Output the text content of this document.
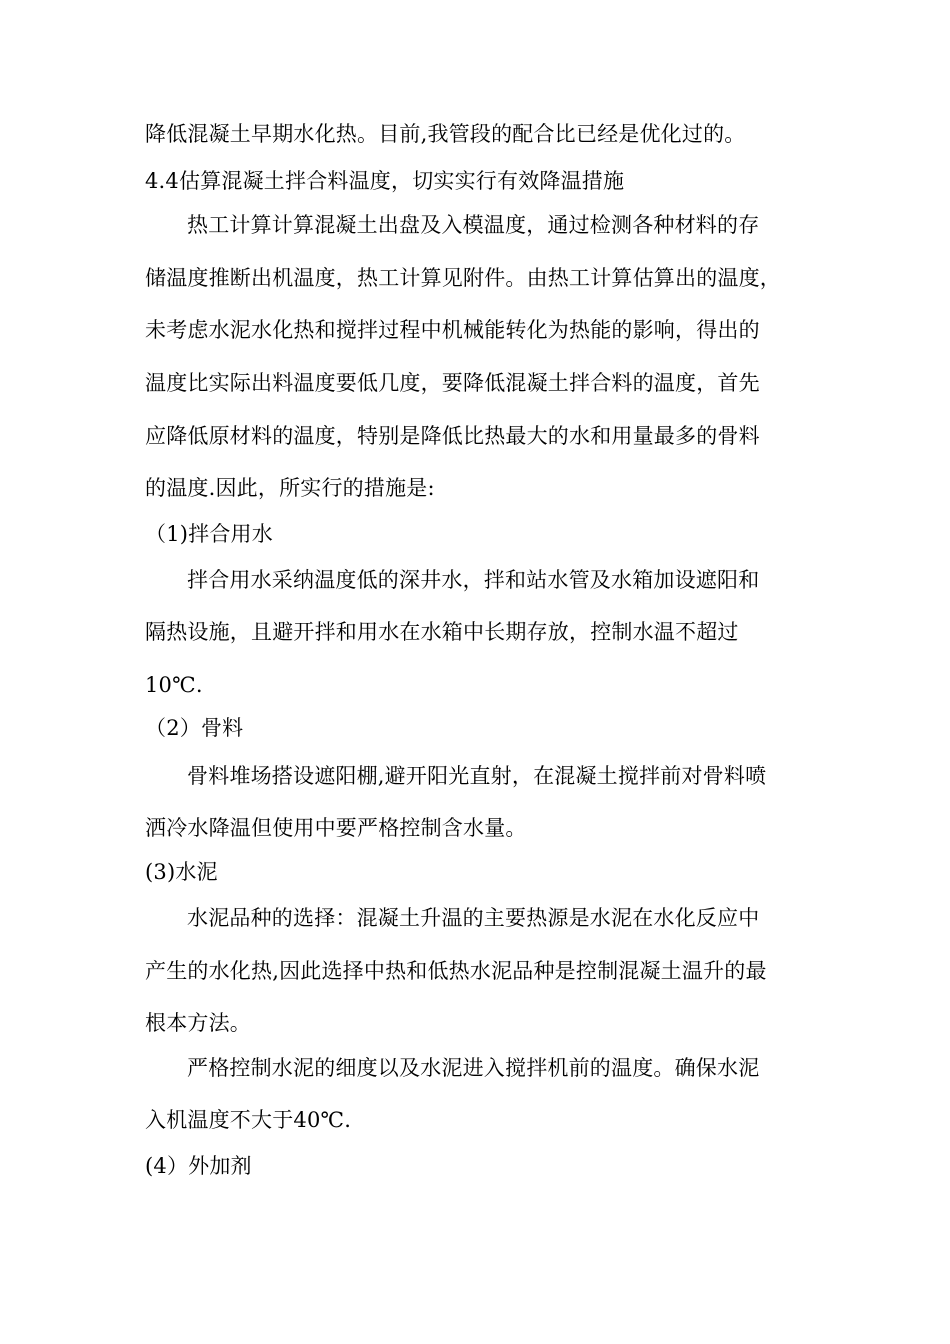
降低混凝土早期水化热。目前,我管段的配合比已经是优化过的。
4.4估算混凝土拌合料温度，切实实行有效降温措施
热工计算计算混凝土出盘及入模温度，通过检测各种材料的存
储温度推断出机温度，热工计算见附件。由热工计算估算出的温度，
未考虑水泥水化热和搅拌过程中机械能转化为热能的影响，得出的
温度比实际出料温度要低几度，要降低混凝土拌合料的温度，首先
应降低原材料的温度，特别是降低比热最大的水和用量最多的骨料
的温度.因此，所实行的措施是:
（1)拌合用水
拌合用水采纳温度低的深井水，拌和站水管及水箱加设遮阳和
隔热设施，且避开拌和用水在水箱中长期存放，控制水温不超过
10℃.
（2）骨料
骨料堆场搭设遮阳棚,避开阳光直射，在混凝土搅拌前对骨料喷
洒冷水降温但使用中要严格控制含水量。
(3)水泥
水泥品种的选择：混凝土升温的主要热源是水泥在水化反应中
产生的水化热,因此选择中热和低热水泥品种是控制混凝土温升的最
根本方法。
严格控制水泥的细度以及水泥进入搅拌机前的温度。确保水泥
入机温度不大于40℃.
(4）外加剂
